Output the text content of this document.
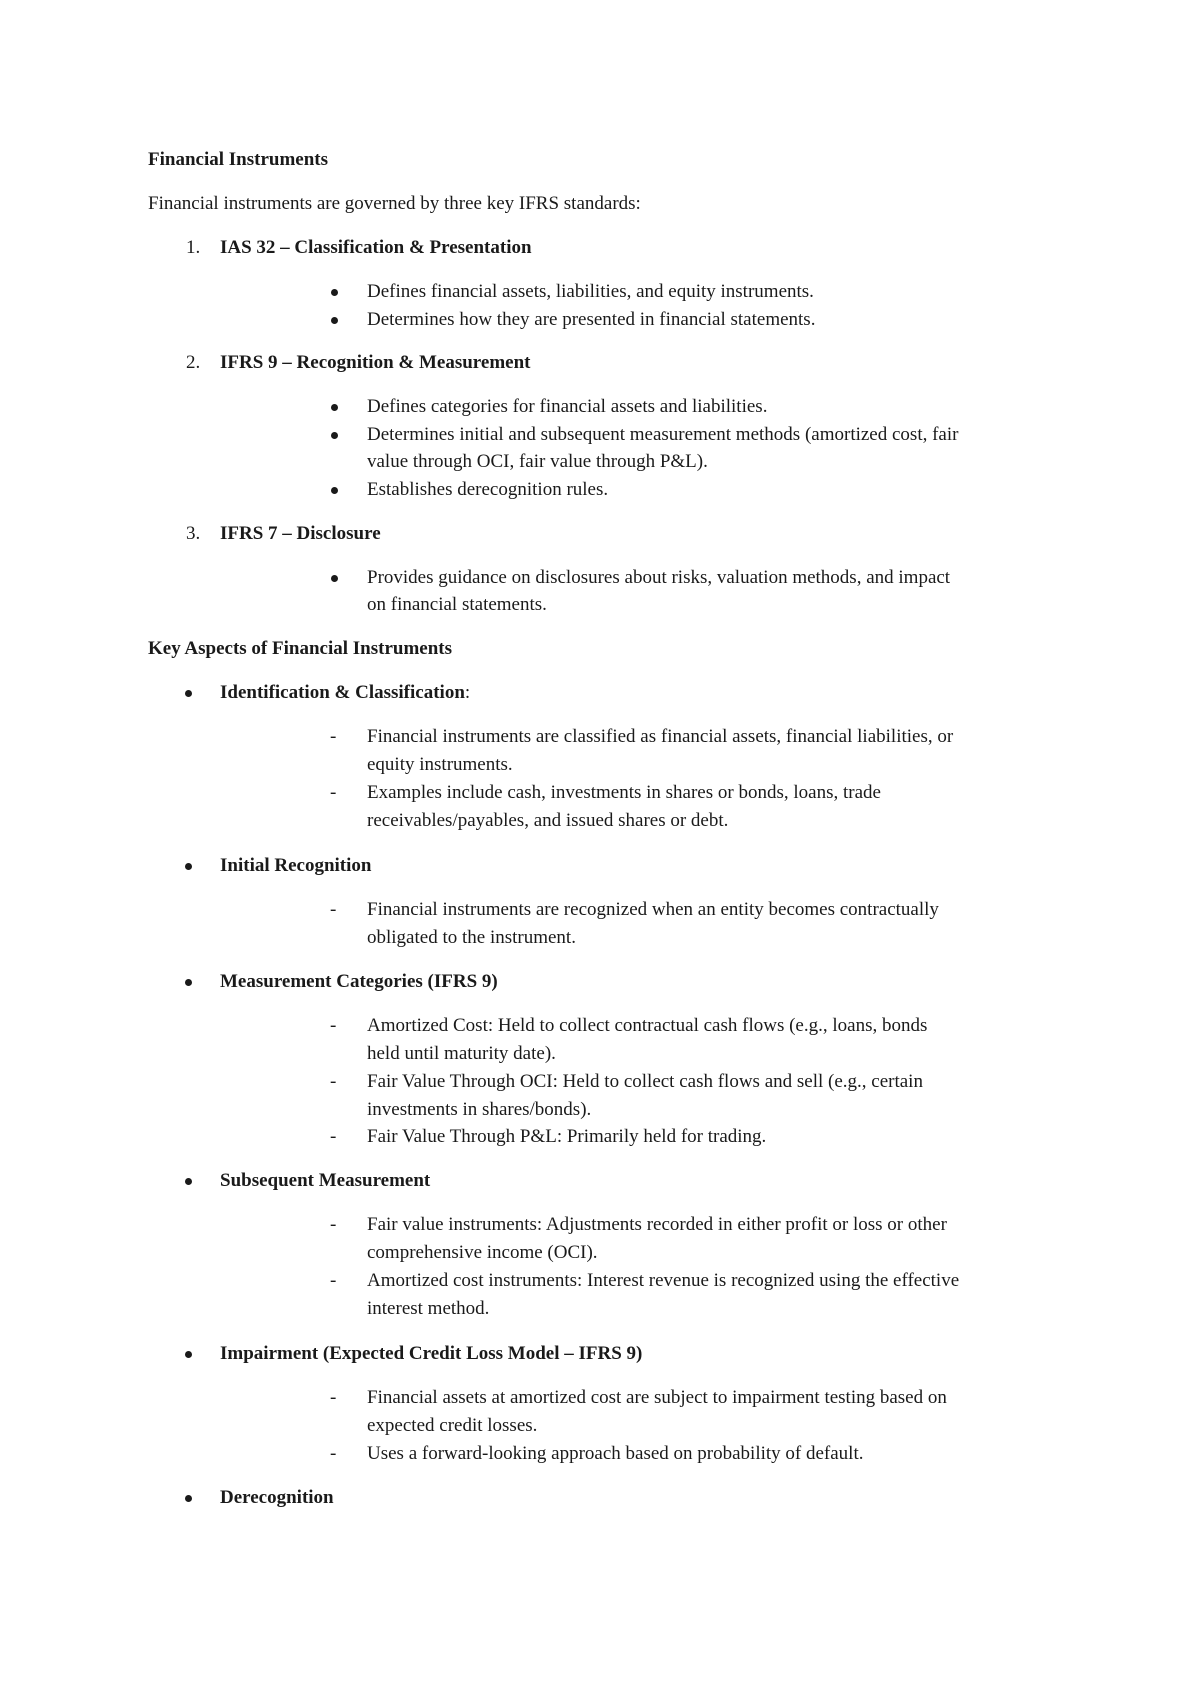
Financial Instruments
Financial instruments are governed by three key IFRS standards:
1. IAS 32 – Classification & Presentation
Defines financial assets, liabilities, and equity instruments.
Determines how they are presented in financial statements.
2. IFRS 9 – Recognition & Measurement
Defines categories for financial assets and liabilities.
Determines initial and subsequent measurement methods (amortized cost, fair
value through OCI, fair value through P&L).
Establishes derecognition rules.
3. IFRS 7 – Disclosure
Provides guidance on disclosures about risks, valuation methods, and impact
on financial statements.
Key Aspects of Financial Instruments
Identification & Classification:
- Financial instruments are classified as financial assets, financial liabilities, or
equity instruments.
- Examples include cash, investments in shares or bonds, loans, trade
receivables/payables, and issued shares or debt.
Initial Recognition
- Financial instruments are recognized when an entity becomes contractually
obligated to the instrument.
Measurement Categories (IFRS 9)
- Amortized Cost: Held to collect contractual cash flows (e.g., loans, bonds
held until maturity date).
- Fair Value Through OCI: Held to collect cash flows and sell (e.g., certain
investments in shares/bonds).
- Fair Value Through P&L: Primarily held for trading.
Subsequent Measurement
- Fair value instruments: Adjustments recorded in either profit or loss or other
comprehensive income (OCI).
- Amortized cost instruments: Interest revenue is recognized using the effective
interest method.
Impairment (Expected Credit Loss Model – IFRS 9)
- Financial assets at amortized cost are subject to impairment testing based on
expected credit losses.
- Uses a forward-looking approach based on probability of default.
Derecognition
